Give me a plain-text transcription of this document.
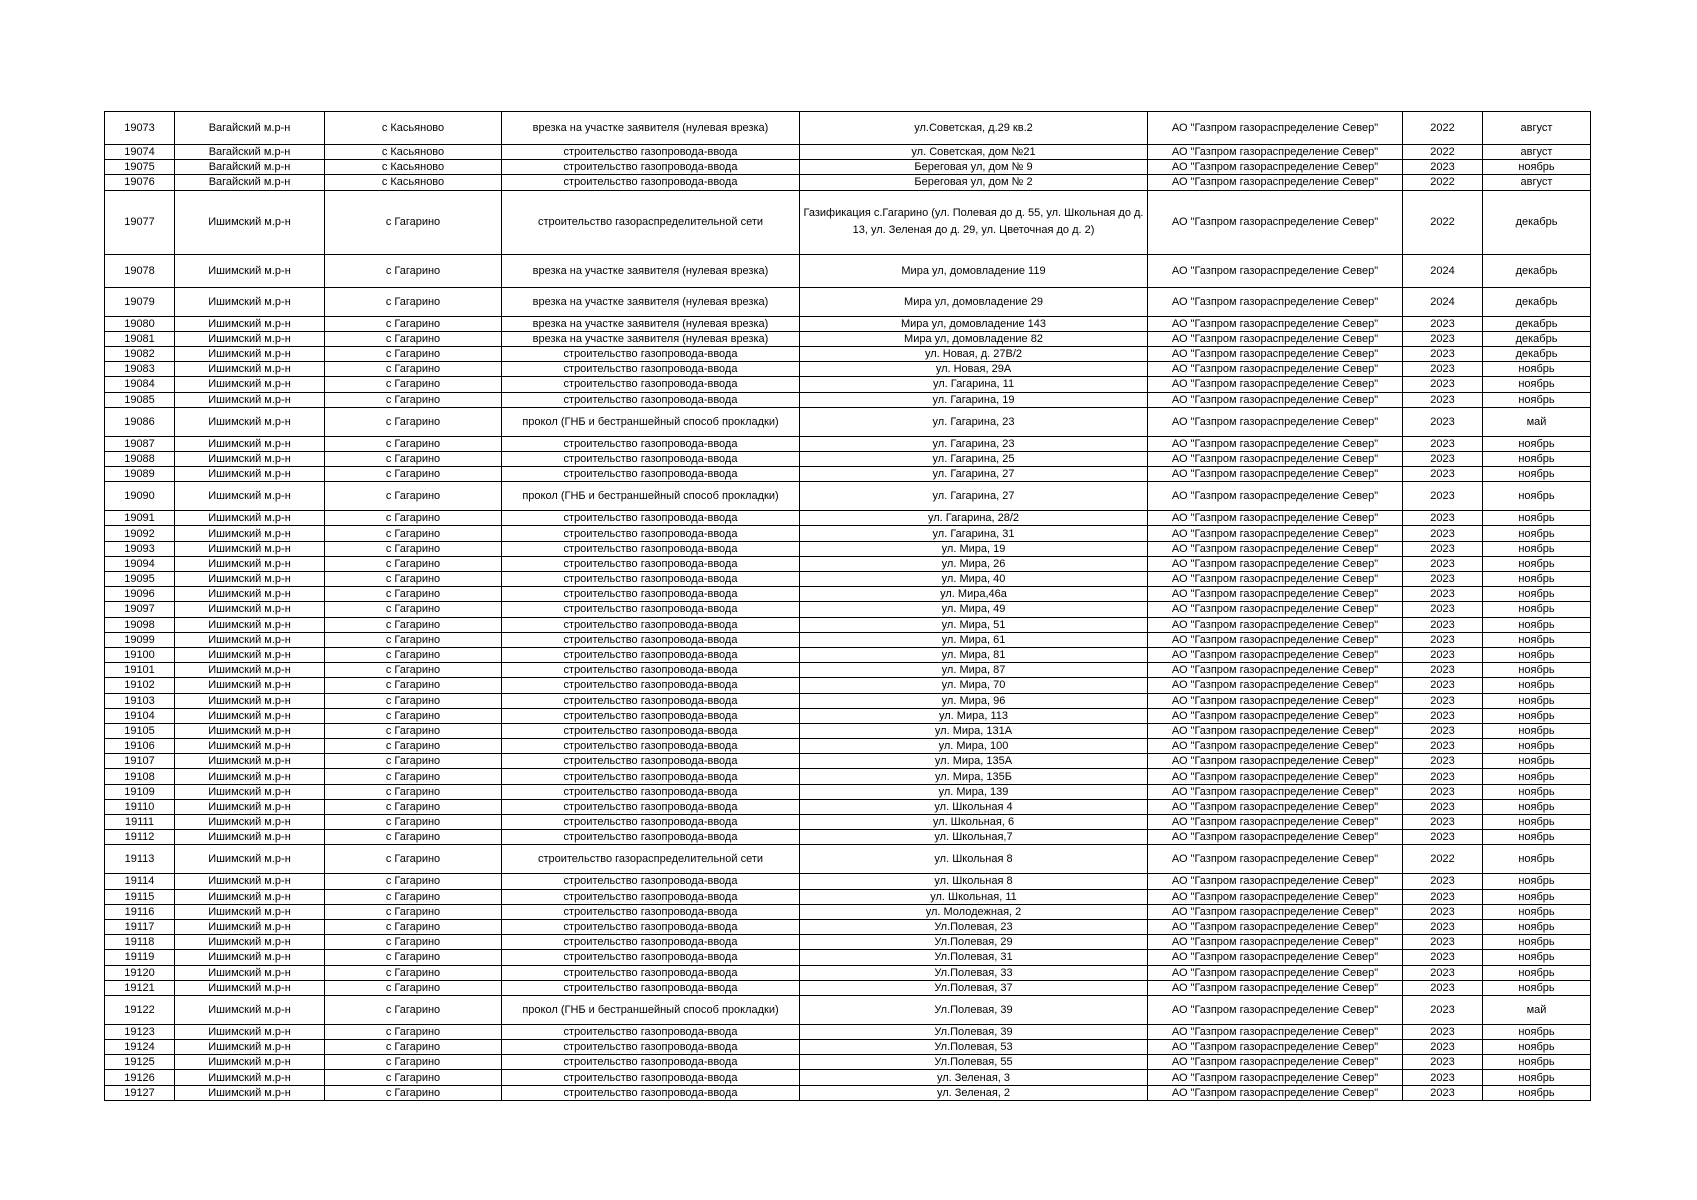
19073	Вагайский м.р-н	с Касьяново	врезка на участке заявителя (нулевая врезка)	ул.Советская, д.29 кв.2	АО "Газпром газораспределение Север"	2022	август
19074	Вагайский м.р-н	с Касьяново	строительство газопровода-ввода	ул. Советская, дом №21	АО "Газпром газораспределение Север"	2022	август
19075	Вагайский м.р-н	с Касьяново	строительство газопровода-ввода	Береговая ул, дом № 9	АО "Газпром газораспределение Север"	2023	ноябрь
19076	Вагайский м.р-н	с Касьяново	строительство газопровода-ввода	Береговая ул, дом № 2	АО "Газпром газораспределение Север"	2022	август
19077	Ишимский м.р-н	с Гагарино	строительство газораспределительной сети	Газификация с.Гагарино (ул. Полевая до д. 55, ул. Школьная до д. 13, ул. Зеленая до д. 29, ул. Цветочная до д. 2)	АО "Газпром газораспределение Север"	2022	декабрь
19078	Ишимский м.р-н	с Гагарино	врезка на участке заявителя (нулевая врезка)	Мира ул, домовладение 119	АО "Газпром газораспределение Север"	2024	декабрь
19079	Ишимский м.р-н	с Гагарино	врезка на участке заявителя (нулевая врезка)	Мира ул, домовладение 29	АО "Газпром газораспределение Север"	2024	декабрь
19080	Ишимский м.р-н	с Гагарино	врезка на участке заявителя (нулевая врезка)	Мира ул, домовладение 143	АО "Газпром газораспределение Север"	2023	декабрь
19081	Ишимский м.р-н	с Гагарино	врезка на участке заявителя (нулевая врезка)	Мира ул, домовладение 82	АО "Газпром газораспределение Север"	2023	декабрь
19082	Ишимский м.р-н	с Гагарино	строительство газопровода-ввода	ул. Новая, д. 27В/2	АО "Газпром газораспределение Север"	2023	декабрь
19083	Ишимский м.р-н	с Гагарино	строительство газопровода-ввода	ул. Новая, 29А	АО "Газпром газораспределение Север"	2023	ноябрь
19084	Ишимский м.р-н	с Гагарино	строительство газопровода-ввода	ул. Гагарина, 11	АО "Газпром газораспределение Север"	2023	ноябрь
19085	Ишимский м.р-н	с Гагарино	строительство газопровода-ввода	ул. Гагарина, 19	АО "Газпром газораспределение Север"	2023	ноябрь
19086	Ишимский м.р-н	с Гагарино	прокол (ГНБ и бестраншейный способ прокладки)	ул. Гагарина, 23	АО "Газпром газораспределение Север"	2023	май
19087	Ишимский м.р-н	с Гагарино	строительство газопровода-ввода	ул. Гагарина, 23	АО "Газпром газораспределение Север"	2023	ноябрь
19088	Ишимский м.р-н	с Гагарино	строительство газопровода-ввода	ул. Гагарина, 25	АО "Газпром газораспределение Север"	2023	ноябрь
19089	Ишимский м.р-н	с Гагарино	строительство газопровода-ввода	ул. Гагарина, 27	АО "Газпром газораспределение Север"	2023	ноябрь
19090	Ишимский м.р-н	с Гагарино	прокол (ГНБ и бестраншейный способ прокладки)	ул. Гагарина, 27	АО "Газпром газораспределение Север"	2023	ноябрь
19091	Ишимский м.р-н	с Гагарино	строительство газопровода-ввода	ул. Гагарина, 28/2	АО "Газпром газораспределение Север"	2023	ноябрь
19092	Ишимский м.р-н	с Гагарино	строительство газопровода-ввода	ул. Гагарина, 31	АО "Газпром газораспределение Север"	2023	ноябрь
19093	Ишимский м.р-н	с Гагарино	строительство газопровода-ввода	ул. Мира, 19	АО "Газпром газораспределение Север"	2023	ноябрь
19094	Ишимский м.р-н	с Гагарино	строительство газопровода-ввода	ул. Мира, 26	АО "Газпром газораспределение Север"	2023	ноябрь
19095	Ишимский м.р-н	с Гагарино	строительство газопровода-ввода	ул. Мира, 40	АО "Газпром газораспределение Север"	2023	ноябрь
19096	Ишимский м.р-н	с Гагарино	строительство газопровода-ввода	ул. Мира,46а	АО "Газпром газораспределение Север"	2023	ноябрь
19097	Ишимский м.р-н	с Гагарино	строительство газопровода-ввода	ул. Мира, 49	АО "Газпром газораспределение Север"	2023	ноябрь
19098	Ишимский м.р-н	с Гагарино	строительство газопровода-ввода	ул. Мира, 51	АО "Газпром газораспределение Север"	2023	ноябрь
19099	Ишимский м.р-н	с Гагарино	строительство газопровода-ввода	ул. Мира, 61	АО "Газпром газораспределение Север"	2023	ноябрь
19100	Ишимский м.р-н	с Гагарино	строительство газопровода-ввода	ул. Мира, 81	АО "Газпром газораспределение Север"	2023	ноябрь
19101	Ишимский м.р-н	с Гагарино	строительство газопровода-ввода	ул. Мира, 87	АО "Газпром газораспределение Север"	2023	ноябрь
19102	Ишимский м.р-н	с Гагарино	строительство газопровода-ввода	ул. Мира, 70	АО "Газпром газораспределение Север"	2023	ноябрь
19103	Ишимский м.р-н	с Гагарино	строительство газопровода-ввода	ул. Мира, 96	АО "Газпром газораспределение Север"	2023	ноябрь
19104	Ишимский м.р-н	с Гагарино	строительство газопровода-ввода	ул. Мира, 113	АО "Газпром газораспределение Север"	2023	ноябрь
19105	Ишимский м.р-н	с Гагарино	строительство газопровода-ввода	ул. Мира, 131А	АО "Газпром газораспределение Север"	2023	ноябрь
19106	Ишимский м.р-н	с Гагарино	строительство газопровода-ввода	ул. Мира, 100	АО "Газпром газораспределение Север"	2023	ноябрь
19107	Ишимский м.р-н	с Гагарино	строительство газопровода-ввода	ул. Мира, 135А	АО "Газпром газораспределение Север"	2023	ноябрь
19108	Ишимский м.р-н	с Гагарино	строительство газопровода-ввода	ул. Мира, 135Б	АО "Газпром газораспределение Север"	2023	ноябрь
19109	Ишимский м.р-н	с Гагарино	строительство газопровода-ввода	ул. Мира, 139	АО "Газпром газораспределение Север"	2023	ноябрь
19110	Ишимский м.р-н	с Гагарино	строительство газопровода-ввода	ул. Школьная 4	АО "Газпром газораспределение Север"	2023	ноябрь
19111	Ишимский м.р-н	с Гагарино	строительство газопровода-ввода	ул. Школьная, 6	АО "Газпром газораспределение Север"	2023	ноябрь
19112	Ишимский м.р-н	с Гагарино	строительство газопровода-ввода	ул. Школьная,7	АО "Газпром газораспределение Север"	2023	ноябрь
19113	Ишимский м.р-н	с Гагарино	строительство газораспределительной сети	ул. Школьная 8	АО "Газпром газораспределение Север"	2022	ноябрь
19114	Ишимский м.р-н	с Гагарино	строительство газопровода-ввода	ул. Школьная 8	АО "Газпром газораспределение Север"	2023	ноябрь
19115	Ишимский м.р-н	с Гагарино	строительство газопровода-ввода	ул. Школьная, 11	АО "Газпром газораспределение Север"	2023	ноябрь
19116	Ишимский м.р-н	с Гагарино	строительство газопровода-ввода	ул. Молодежная, 2	АО "Газпром газораспределение Север"	2023	ноябрь
19117	Ишимский м.р-н	с Гагарино	строительство газопровода-ввода	Ул.Полевая, 23	АО "Газпром газораспределение Север"	2023	ноябрь
19118	Ишимский м.р-н	с Гагарино	строительство газопровода-ввода	Ул.Полевая, 29	АО "Газпром газораспределение Север"	2023	ноябрь
19119	Ишимский м.р-н	с Гагарино	строительство газопровода-ввода	Ул.Полевая, 31	АО "Газпром газораспределение Север"	2023	ноябрь
19120	Ишимский м.р-н	с Гагарино	строительство газопровода-ввода	Ул.Полевая, 33	АО "Газпром газораспределение Север"	2023	ноябрь
19121	Ишимский м.р-н	с Гагарино	строительство газопровода-ввода	Ул.Полевая, 37	АО "Газпром газораспределение Север"	2023	ноябрь
19122	Ишимский м.р-н	с Гагарино	прокол (ГНБ и бестраншейный способ прокладки)	Ул.Полевая, 39	АО "Газпром газораспределение Север"	2023	май
19123	Ишимский м.р-н	с Гагарино	строительство газопровода-ввода	Ул.Полевая, 39	АО "Газпром газораспределение Север"	2023	ноябрь
19124	Ишимский м.р-н	с Гагарино	строительство газопровода-ввода	Ул.Полевая, 53	АО "Газпром газораспределение Север"	2023	ноябрь
19125	Ишимский м.р-н	с Гагарино	строительство газопровода-ввода	Ул.Полевая, 55	АО "Газпром газораспределение Север"	2023	ноябрь
19126	Ишимский м.р-н	с Гагарино	строительство газопровода-ввода	ул. Зеленая, 3	АО "Газпром газораспределение Север"	2023	ноябрь
19127	Ишимский м.р-н	с Гагарино	строительство газопровода-ввода	ул. Зеленая, 2	АО "Газпром газораспределение Север"	2023	ноябрь
